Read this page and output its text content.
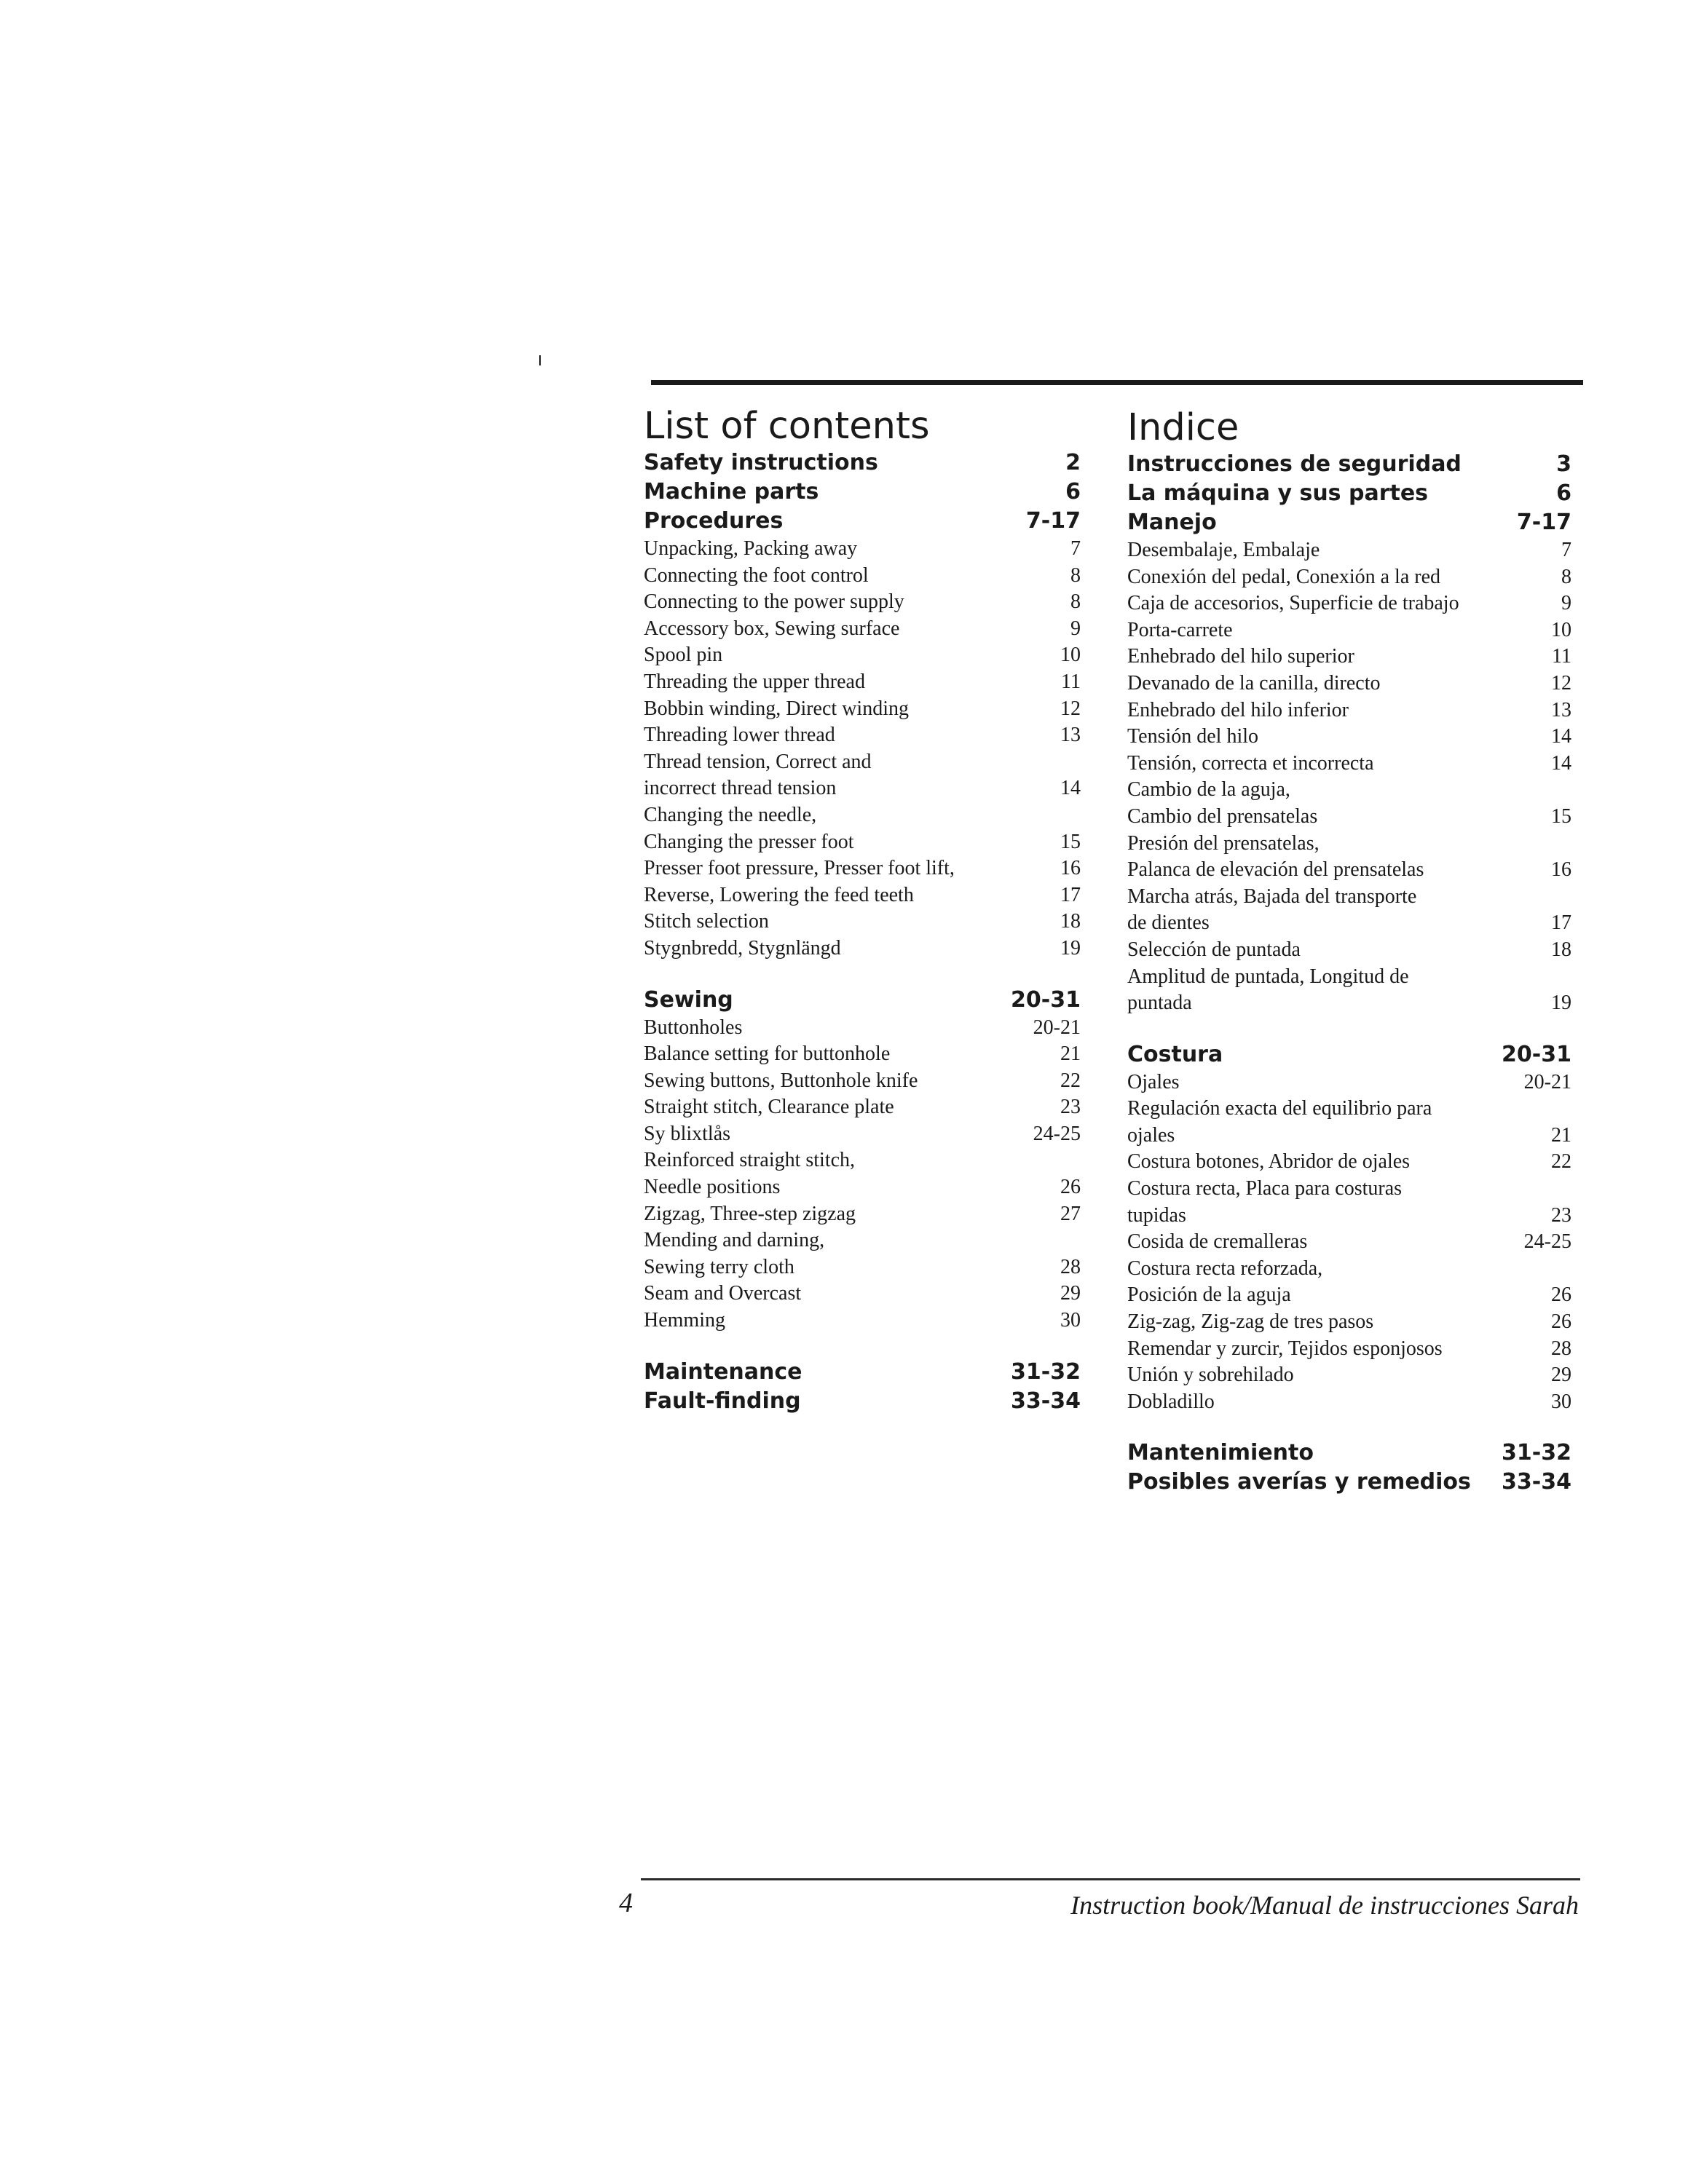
List of contents
Safety instructions	2
Machine parts	6
Procedures	7-17
Unpacking, Packing away	7
Connecting the foot control	8
Connecting to the power supply	8
Accessory box, Sewing surface	9
Spool pin	10
Threading the upper thread	11
Bobbin winding, Direct winding	12
Threading lower thread	13
Thread tension, Correct and
incorrect thread tension	14
Changing the needle,
Changing the presser foot	15
Presser foot pressure, Presser foot lift,	16
Reverse, Lowering the feed teeth	17
Stitch selection	18
Stygnbredd, Stygnlängd	19
Sewing	20-31
Buttonholes	20-21
Balance setting for buttonhole	21
Sewing buttons, Buttonhole knife	22
Straight stitch, Clearance plate	23
Sy blixtlås	24-25
Reinforced straight stitch,
Needle positions	26
Zigzag, Three-step zigzag	27
Mending and darning,
Sewing terry cloth	28
Seam and Overcast	29
Hemming	30
Maintenance	31-32
Fault-finding	33-34
Indice
Instrucciones de seguridad	3
La máquina y sus partes	6
Manejo	7-17
Desembalaje, Embalaje	7
Conexión del pedal, Conexión a la red	8
Caja de accesorios, Superficie de trabajo	9
Porta-carrete	10
Enhebrado del hilo superior	11
Devanado de la canilla, directo	12
Enhebrado del hilo inferior	13
Tensión del hilo	14
Tensión, correcta et incorrecta	14
Cambio de la aguja,
Cambio del prensatelas	15
Presión del prensatelas,
Palanca de elevación del prensatelas	16
Marcha atrás, Bajada del transporte
de dientes	17
Selección de puntada	18
Amplitud de puntada, Longitud de
puntada	19
Costura	20-31
Ojales	20-21
Regulación exacta del equilibrio para
ojales	21
Costura botones, Abridor de ojales	22
Costura recta, Placa para costuras
tupidas	23
Cosida de cremalleras	24-25
Costura recta reforzada,
Posición de la aguja	26
Zig-zag, Zig-zag de tres pasos	26
Remendar y zurcir, Tejidos esponjosos	28
Unión y sobrehilado	29
Dobladillo	30
Mantenimiento	31-32
Posibles averías y remedios	33-34
4	Instruction book/Manual de instrucciones Sarah
